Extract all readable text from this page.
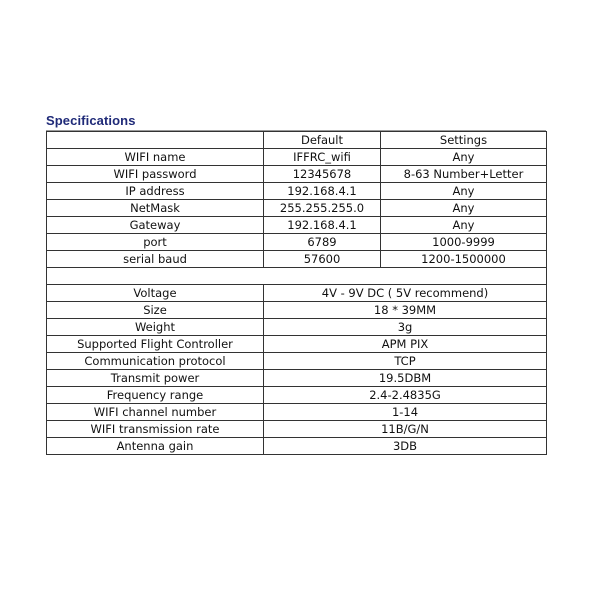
Specifications
	Default	Settings
WIFI name	IFFRC_wifi	Any
WIFI password	12345678	8-63 Number+Letter
IP address	192.168.4.1	Any
NetMask	255.255.255.0	Any
Gateway	192.168.4.1	Any
port	6789	1000-9999
serial baud	57600	1200-1500000

Voltage	4V - 9V DC ( 5V recommend)	
Size	18 * 39MM	
Weight	3g	
Supported Flight Controller	APM PIX	
Communication protocol	TCP	
Transmit power	19.5DBM	
Frequency range	2.4-2.4835G	
WIFI channel number	1-14	
WIFI transmission rate	11B/G/N	
Antenna gain	3DB	
